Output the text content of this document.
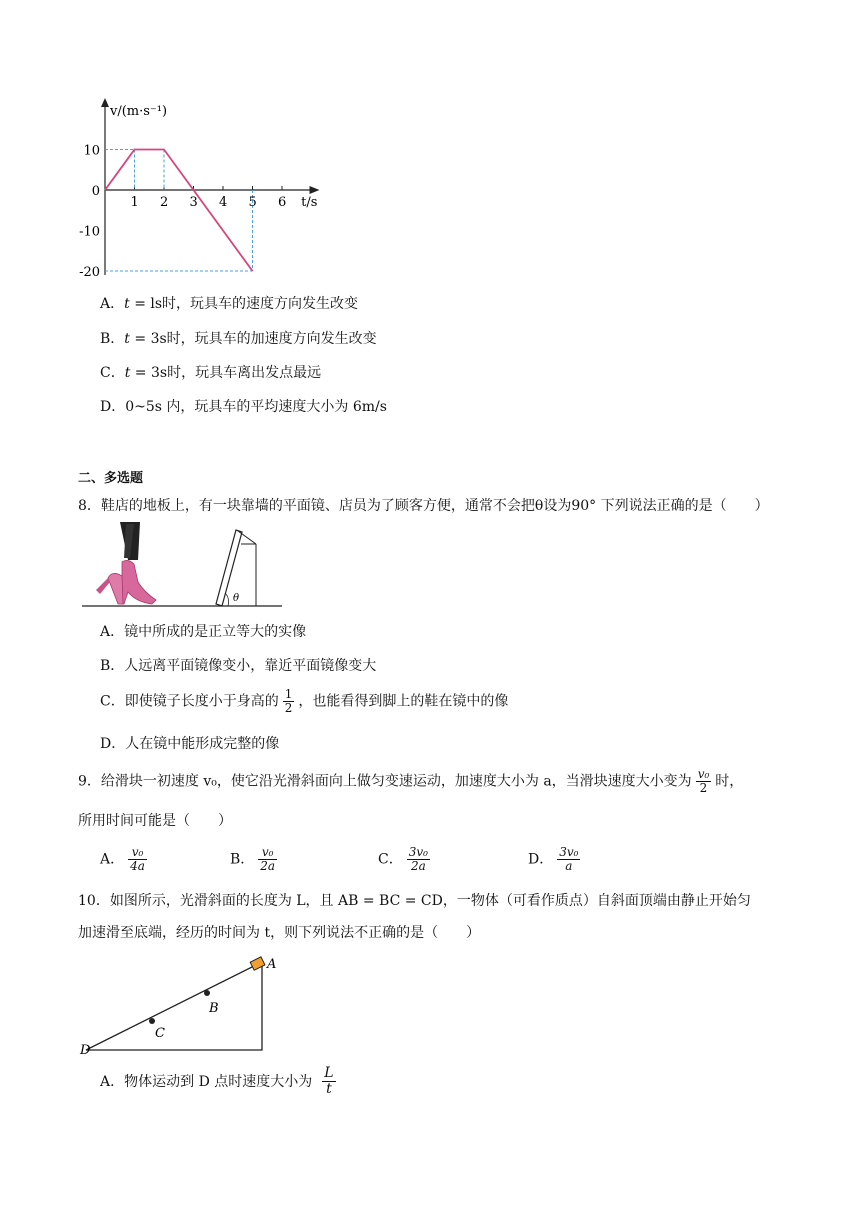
1 2 3 4 5 6 t/s
10
0
-10
-20
v/(m·s⁻¹)
A．t = ls时，玩具车的速度方向发生改变
B．t = 3s时，玩具车的加速度方向发生改变
C．t = 3s时，玩具车离出发点最远
D．0~5s 内，玩具车的平均速度大小为 6m/s
二、多选题
8．鞋店的地板上，有一块靠墙的平面镜、店员为了顾客方便，通常不会把θ设为90° 下列说法正确的是（　　）
θ
A．镜中所成的是正立等大的实像
B．人远离平面镜像变小，靠近平面镜像变大
C．即使镜子长度小于身高的 $\frac{1}{2}$ ，也能看得到脚上的鞋在镜中的像
D．人在镜中能形成完整的像
9．给滑块一初速度 v₀，使它沿光滑斜面向上做匀变速运动，加速度大小为 a，当滑块速度大小变为 $\frac{\text{v₀}}{2}$ 时，
所用时间可能是（　　）
A． $\frac{\text{v₀}}{4a}$	B． $\frac{\text{v₀}}{2a}$	C． $\frac{\text{3v₀}}{2a}$	D． $\frac{\text{3v₀}}{a}$
10．如图所示，光滑斜面的长度为 L，且 AB = BC = CD，一物体（可看作质点）自斜面顶端由静止开始匀
加速滑至底端，经历的时间为 t，则下列说法不正确的是（　　）
A
B
C
D
A．物体运动到 D 点时速度大小为 $\frac{L}{t}$
